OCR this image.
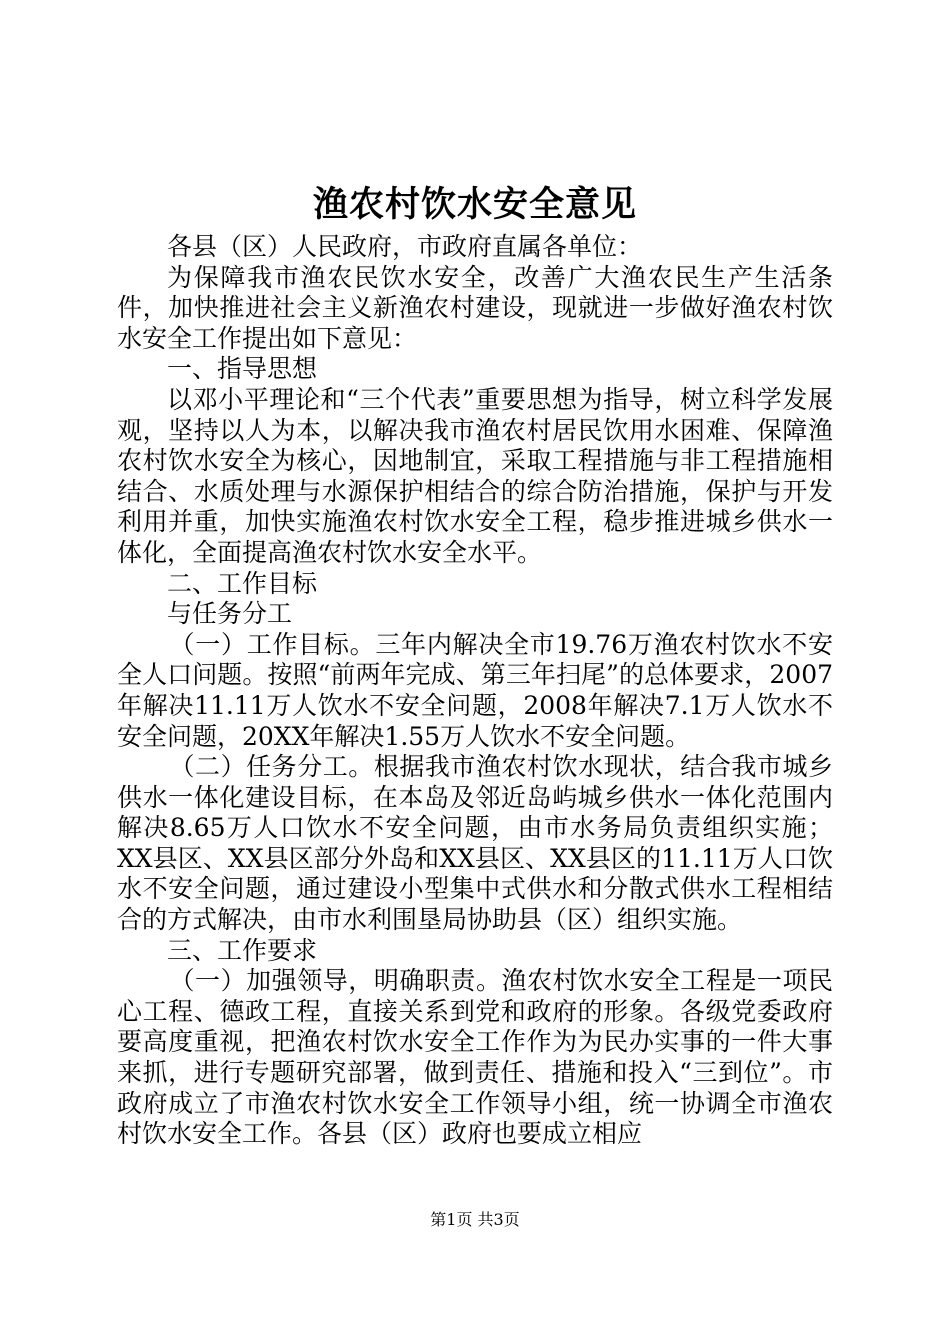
渔农村饮水安全意见

各县（区）人民政府，市政府直属各单位：

为保障我市渔农民饮水安全，改善广大渔农民生产生活条件，加快推进社会主义新渔农村建设，现就进一步做好渔农村饮水安全工作提出如下意见：

一、指导思想

以邓小平理论和“三个代表”重要思想为指导，树立科学发展观，坚持以人为本，以解决我市渔农村居民饮用水困难、保障渔农村饮水安全为核心，因地制宜，采取工程措施与非工程措施相结合、水质处理与水源保护相结合的综合防治措施，保护与开发利用并重，加快实施渔农村饮水安全工程，稳步推进城乡供水一体化，全面提高渔农村饮水安全水平。

二、工作目标

与任务分工

（一）工作目标。三年内解决全市19.76万渔农村饮水不安全人口问题。按照“前两年完成、第三年扫尾”的总体要求，2007年解决11.11万人饮水不安全问题，2008年解决7.1万人饮水不安全问题，20XX年解决1.55万人饮水不安全问题。

（二）任务分工。根据我市渔农村饮水现状，结合我市城乡供水一体化建设目标，在本岛及邻近岛屿城乡供水一体化范围内解决8.65万人口饮水不安全问题，由市水务局负责组织实施；XX县区、XX县区部分外岛和XX县区、XX县区的11.11万人口饮水不安全问题，通过建设小型集中式供水和分散式供水工程相结合的方式解决，由市水利围垦局协助县（区）组织实施。

三、工作要求

（一）加强领导，明确职责。渔农村饮水安全工程是一项民心工程、德政工程，直接关系到党和政府的形象。各级党委政府要高度重视，把渔农村饮水安全工作作为为民办实事的一件大事来抓，进行专题研究部署，做到责任、措施和投入“三到位”。市政府成立了市渔农村饮水安全工作领导小组，统一协调全市渔农村饮水安全工作。各县（区）政府也要成立相应

第1页 共3页
